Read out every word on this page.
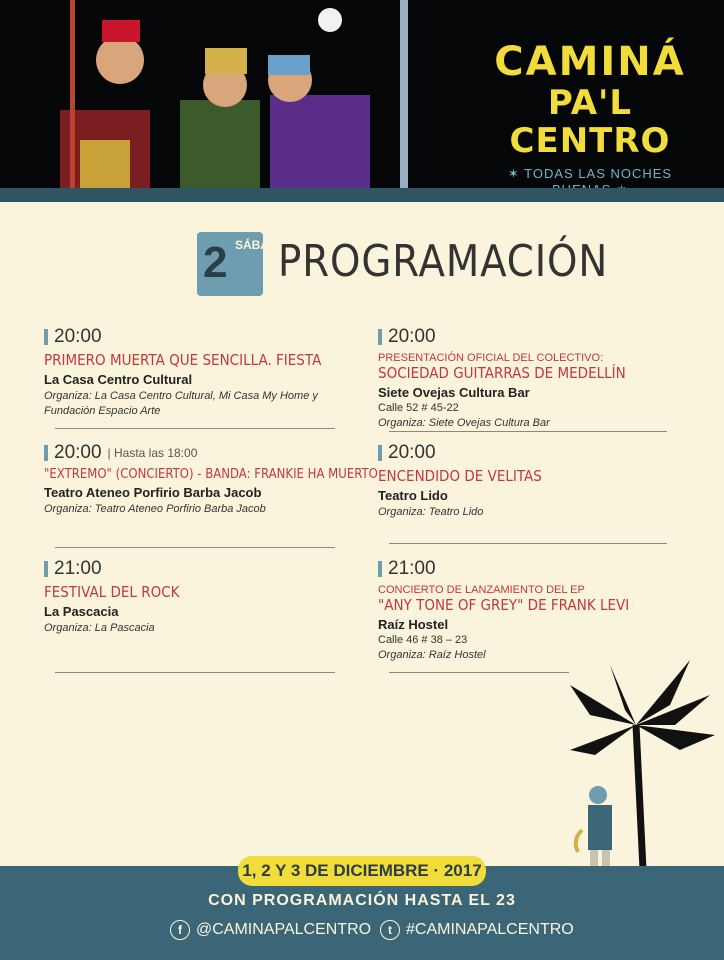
CAMINÁ
PA'L CENTRO
✶ TODAS LAS NOCHES
2 SÁBADO
PROGRAMACIÓN
20:00
PRIMERO MUERTA QUE SENCILLA. FIESTA
La Casa Centro Cultural
Organiza: La Casa Centro Cultural, Mi Casa My Home y Fundación Espacio Arte
20:00 | Hasta las 18:00
"EXTREMO" (CONCIERTO) - BANDA: FRANKIE HA MUERTO
Teatro Ateneo Porfirio Barba Jacob
Organiza: Teatro Ateneo Porfirio Barba Jacob
21:00
FESTIVAL DEL ROCK
La Pascacia
Organiza: La Pascacia
20:00
PRESENTACIÓN OFICIAL DEL COLECTIVO:
SOCIEDAD GUITARRAS DE MEDELLÍN
Siete Ovejas Cultura Bar
Calle 52 # 45-22
Organiza: Siete Ovejas Cultura Bar
20:00
ENCENDIDO DE VELITAS
Teatro Lido
Organiza: Teatro Lido
21:00
CONCIERTO DE LANZAMIENTO DEL EP
"ANY TONE OF GREY" DE FRANK LEVI
Raíz Hostel
Calle 46 # 38 – 23
Organiza: Raíz Hostel
1, 2 Y 3 DE DICIEMBRE · 2017
CON PROGRAMACIÓN HASTA EL 23
f @CAMINAPALCENTRO	t #CAMINAPALCENTRO
